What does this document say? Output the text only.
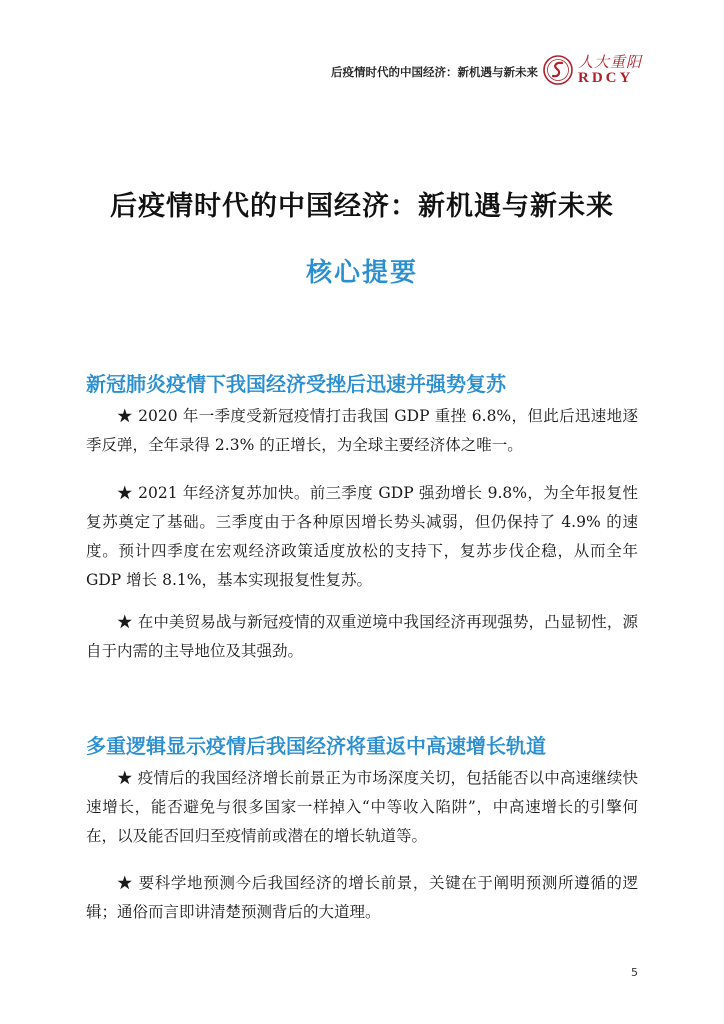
后疫情时代的中国经济：新机遇与新未来
人大重阳
RDCY
后疫情时代的中国经济：新机遇与新未来
核心提要
新冠肺炎疫情下我国经济受挫后迅速并强势复苏
★ 2020 年一季度受新冠疫情打击我国 GDP 重挫 6.8%，但此后迅速地逐季反弹，全年录得 2.3% 的正增长，为全球主要经济体之唯一。
★ 2021 年经济复苏加快。前三季度 GDP 强劲增长 9.8%，为全年报复性复苏奠定了基础。三季度由于各种原因增长势头减弱，但仍保持了 4.9% 的速度。预计四季度在宏观经济政策适度放松的支持下，复苏步伐企稳，从而全年 GDP 增长 8.1%，基本实现报复性复苏。
★ 在中美贸易战与新冠疫情的双重逆境中我国经济再现强势，凸显韧性，源自于内需的主导地位及其强劲。
多重逻辑显示疫情后我国经济将重返中高速增长轨道
★ 疫情后的我国经济增长前景正为市场深度关切，包括能否以中高速继续快速增长，能否避免与很多国家一样掉入“中等收入陷阱”，中高速增长的引擎何在，以及能否回归至疫情前或潜在的增长轨道等。
★ 要科学地预测今后我国经济的增长前景，关键在于阐明预测所遵循的逻辑；通俗而言即讲清楚预测背后的大道理。
5
